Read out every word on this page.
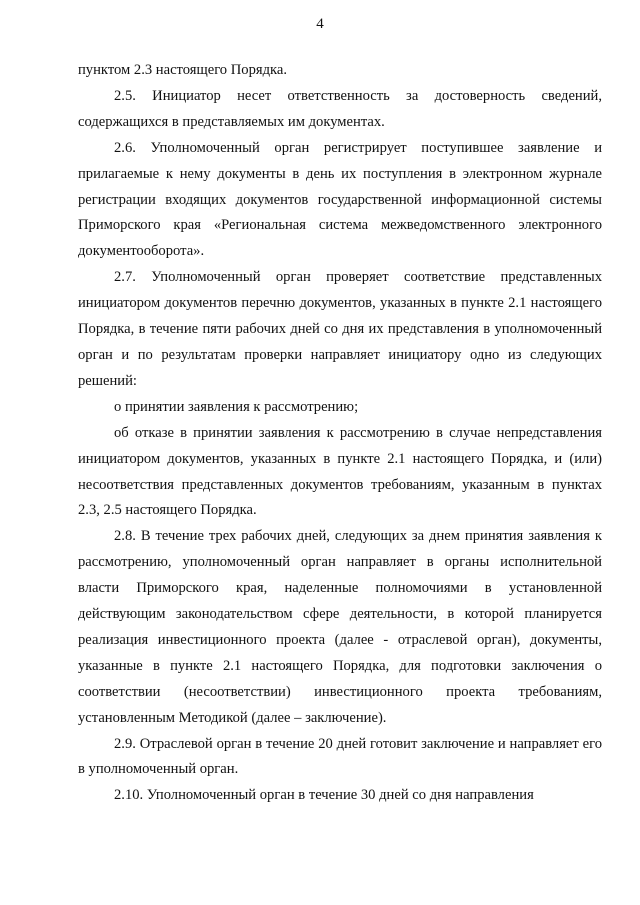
4

пунктом 2.3 настоящего Порядка.

2.5. Инициатор несет ответственность за достоверность сведений, содержащихся в представляемых им документах.

2.6. Уполномоченный орган регистрирует поступившее заявление и прилагаемые к нему документы в день их поступления в электронном журнале регистрации входящих документов государственной информационной системы Приморского края «Региональная система межведомственного электронного документооборота».

2.7. Уполномоченный орган проверяет соответствие представленных инициатором документов перечню документов, указанных в пункте 2.1 настоящего Порядка, в течение пяти рабочих дней со дня их представления в уполномоченный орган и по результатам проверки направляет инициатору одно из следующих решений:

о принятии заявления к рассмотрению;

об отказе в принятии заявления к рассмотрению в случае непредставления инициатором документов, указанных в пункте 2.1 настоящего Порядка, и (или) несоответствия представленных документов требованиям, указанным в пунктах 2.3, 2.5 настоящего Порядка.

2.8. В течение трех рабочих дней, следующих за днем принятия заявления к рассмотрению, уполномоченный орган направляет в органы исполнительной власти Приморского края, наделенные полномочиями в установленной действующим законодательством сфере деятельности, в которой планируется реализация инвестиционного проекта (далее - отраслевой орган), документы, указанные в пункте 2.1 настоящего Порядка, для подготовки заключения о соответствии (несоответствии) инвестиционного проекта требованиям, установленным Методикой (далее – заключение).

2.9. Отраслевой орган в течение 20 дней готовит заключение и направляет его в уполномоченный орган.

2.10. Уполномоченный орган в течение 30 дней со дня направления
